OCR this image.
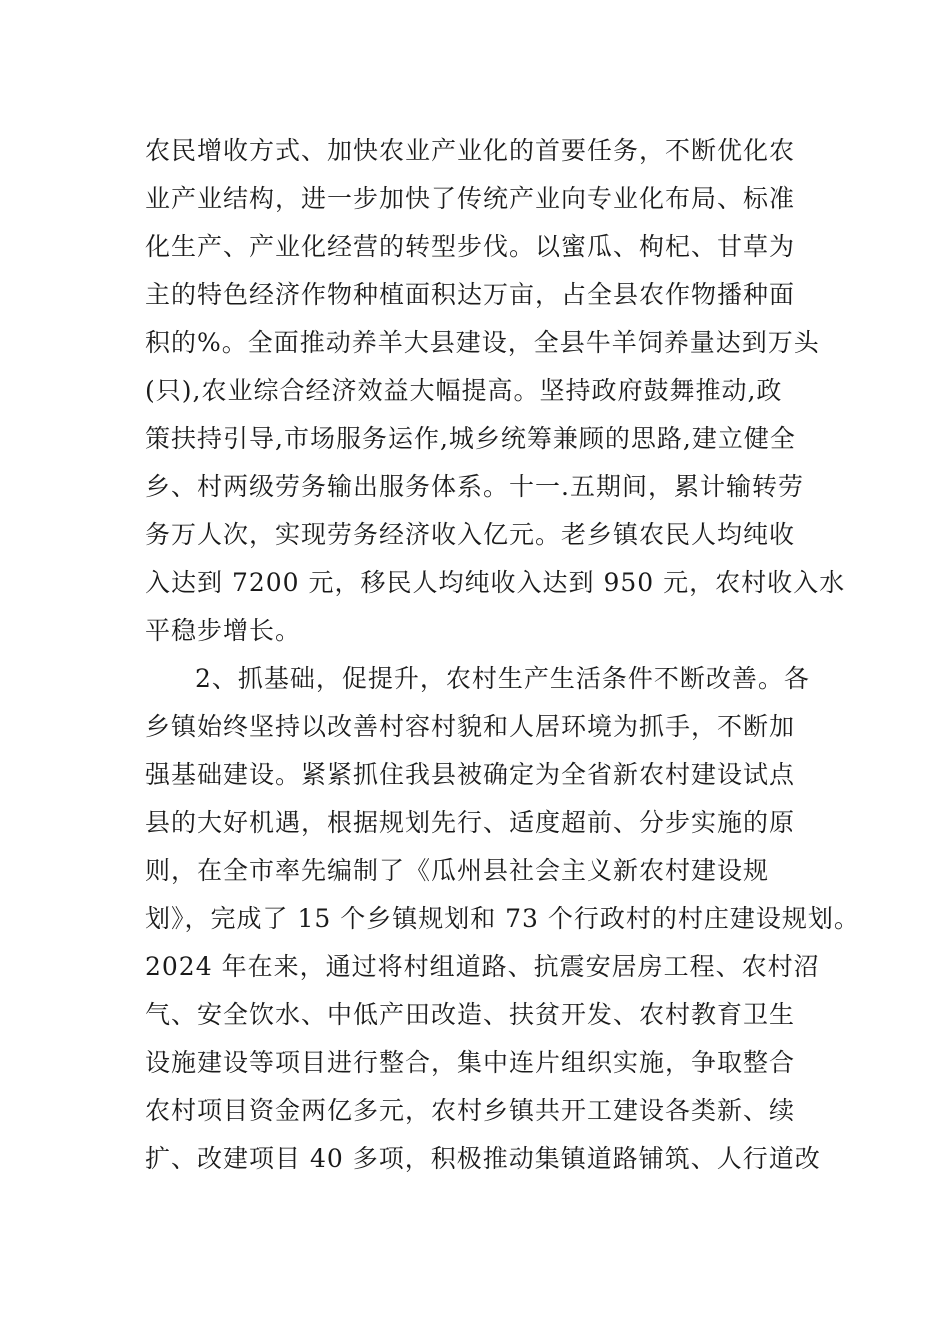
农民增收方式、加快农业产业化的首要任务，不断优化农
业产业结构，进一步加快了传统产业向专业化布局、标准
化生产、产业化经营的转型步伐。以蜜瓜、枸杞、甘草为
主的特色经济作物种植面积达万亩，占全县农作物播种面
积的%。全面推动养羊大县建设，全县牛羊饲养量达到万头
(只),农业综合经济效益大幅提高。坚持政府鼓舞推动,政
策扶持引导,市场服务运作,城乡统筹兼顾的思路,建立健全
乡、村两级劳务输出服务体系。十一.五期间，累计输转劳
务万人次，实现劳务经济收入亿元。老乡镇农民人均纯收
入达到 7200 元，移民人均纯收入达到 950 元，农村收入水
平稳步增长。
2、抓基础，促提升，农村生产生活条件不断改善。各
乡镇始终坚持以改善村容村貌和人居环境为抓手，不断加
强基础建设。紧紧抓住我县被确定为全省新农村建设试点
县的大好机遇，根据规划先行、适度超前、分步实施的原
则，在全市率先编制了《瓜州县社会主义新农村建设规
划》，完成了 15 个乡镇规划和 73 个行政村的村庄建设规划。
2024 年在来，通过将村组道路、抗震安居房工程、农村沼
气、安全饮水、中低产田改造、扶贫开发、农村教育卫生
设施建设等项目进行整合，集中连片组织实施，争取整合
农村项目资金两亿多元，农村乡镇共开工建设各类新、续
扩、改建项目 40 多项，积极推动集镇道路铺筑、人行道改
